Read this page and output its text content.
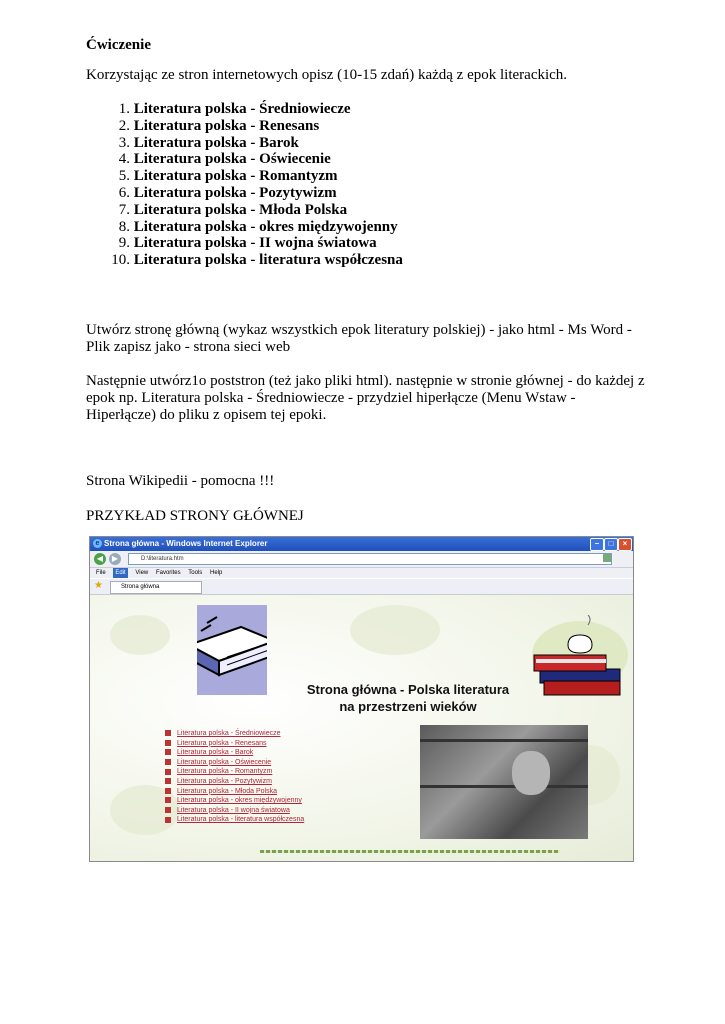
Ćwiczenie

Korzystając ze stron internetowych opisz (10-15 zdań) każdą z epok literackich.

1. Literatura polska - Średniowiecze
2. Literatura polska - Renesans
3. Literatura polska - Barok
4. Literatura polska - Oświecenie
5. Literatura polska - Romantyzm
6. Literatura polska - Pozytywizm
7. Literatura polska - Młoda Polska
8. Literatura polska - okres międzywojenny
9. Literatura polska - II wojna światowa
10. Literatura polska - literatura współczesna

Utwórz stronę główną (wykaz wszystkich epok literatury polskiej) - jako html - Ms Word - Plik zapisz jako - strona sieci web

Następnie utwórz1o poststron (też jako pliki html). następnie w stronie głównej - do każdej z epok np. Literatura polska - Średniowiecze - przydziel hiperłącze (Menu Wstaw - Hiperłącze) do pliku z opisem tej epoki.

Strona Wikipedii - pomocna !!!

PRZYKŁAD STRONY GŁÓWNEJ

e Strona główna - Windows Internet Explorer	–	□	×
◀	▶	D:\literatura.htm
File Edit View Favorites Tools Help
★	Strona główna
Strona główna - Polska literatura
na przestrzeni wieków
Literatura polska - Średniowiecze
Literatura polska - Renesans
Literatura polska - Barok
Literatura polska - Oświecenie
Literatura polska - Romantyzm
Literatura polska - Pozytywizm
Literatura polska - Młoda Polska
Literatura polska - okres międzywojenny
Literatura polska - II wojna światowa
Literatura polska - literatura współczesna
